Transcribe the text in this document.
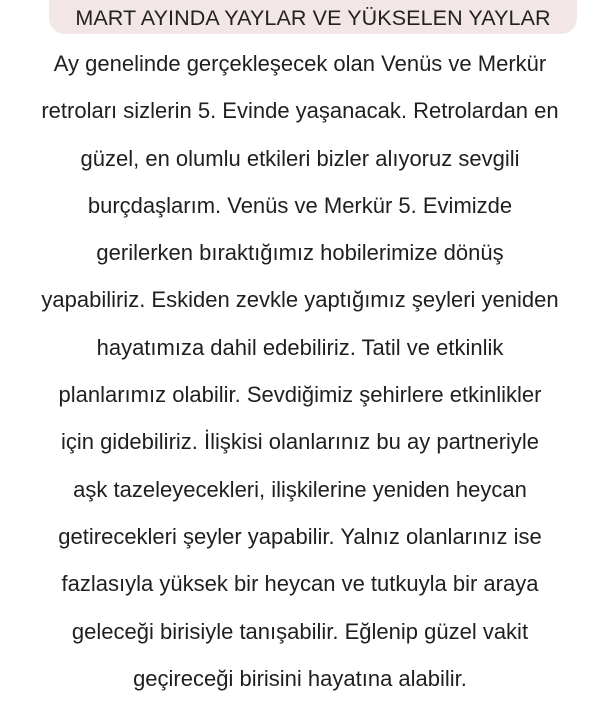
MART AYINDA YAYLAR VE YÜKSELEN YAYLAR
Ay genelinde gerçekleşecek olan Venüs ve Merkür
retroları sizlerin 5. Evinde yaşanacak. Retrolardan en
güzel, en olumlu etkileri bizler alıyoruz sevgili
burçdaşlarım. Venüs ve Merkür 5. Evimizde
gerilerken bıraktığımız hobilerimize dönüş
yapabiliriz. Eskiden zevkle yaptığımız şeyleri yeniden
hayatımıza dahil edebiliriz. Tatil ve etkinlik
planlarımız olabilir. Sevdiğimiz şehirlere etkinlikler
için gidebiliriz. İlişkisi olanlarınız bu ay partneriyle
aşk tazeleyecekleri, ilişkilerine yeniden heycan
getirecekleri şeyler yapabilir. Yalnız olanlarınız ise
fazlasıyla yüksek bir heycan ve tutkuyla bir araya
geleceği birisiyle tanışabilir. Eğlenip güzel vakit
geçireceği birisini hayatına alabilir.
